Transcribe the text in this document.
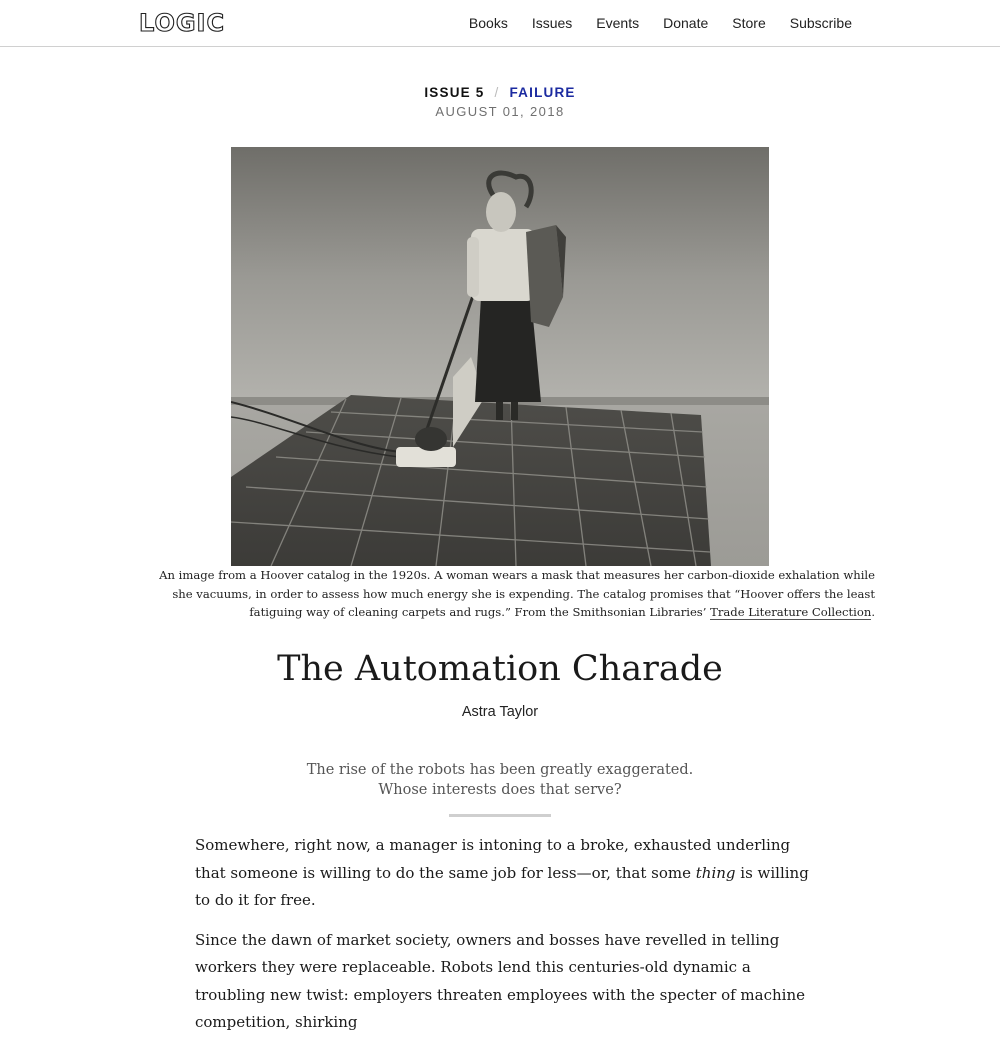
LOGIC	Books Issues Events Donate Store Subscribe
ISSUE 5 / FAILURE
AUGUST 01, 2018
An image from a Hoover catalog in the 1920s. A woman wears a mask that measures her carbon-dioxide exhalation while she vacuums, in order to assess how much energy she is expending. The catalog promises that “Hoover offers the least fatiguing way of cleaning carpets and rugs.” From the Smithsonian Libraries’ Trade Literature Collection.
The Automation Charade
Astra Taylor
The rise of the robots has been greatly exaggerated. Whose interests does that serve?

Somewhere, right now, a manager is intoning to a broke, exhausted underling that someone is willing to do the same job for less—or, that some thing is willing to do it for free.

Since the dawn of market society, owners and bosses have revelled in telling workers they were replaceable. Robots lend this centuries-old dynamic a troubling new twist: employers threaten employees with the specter of machine competition, shirking
